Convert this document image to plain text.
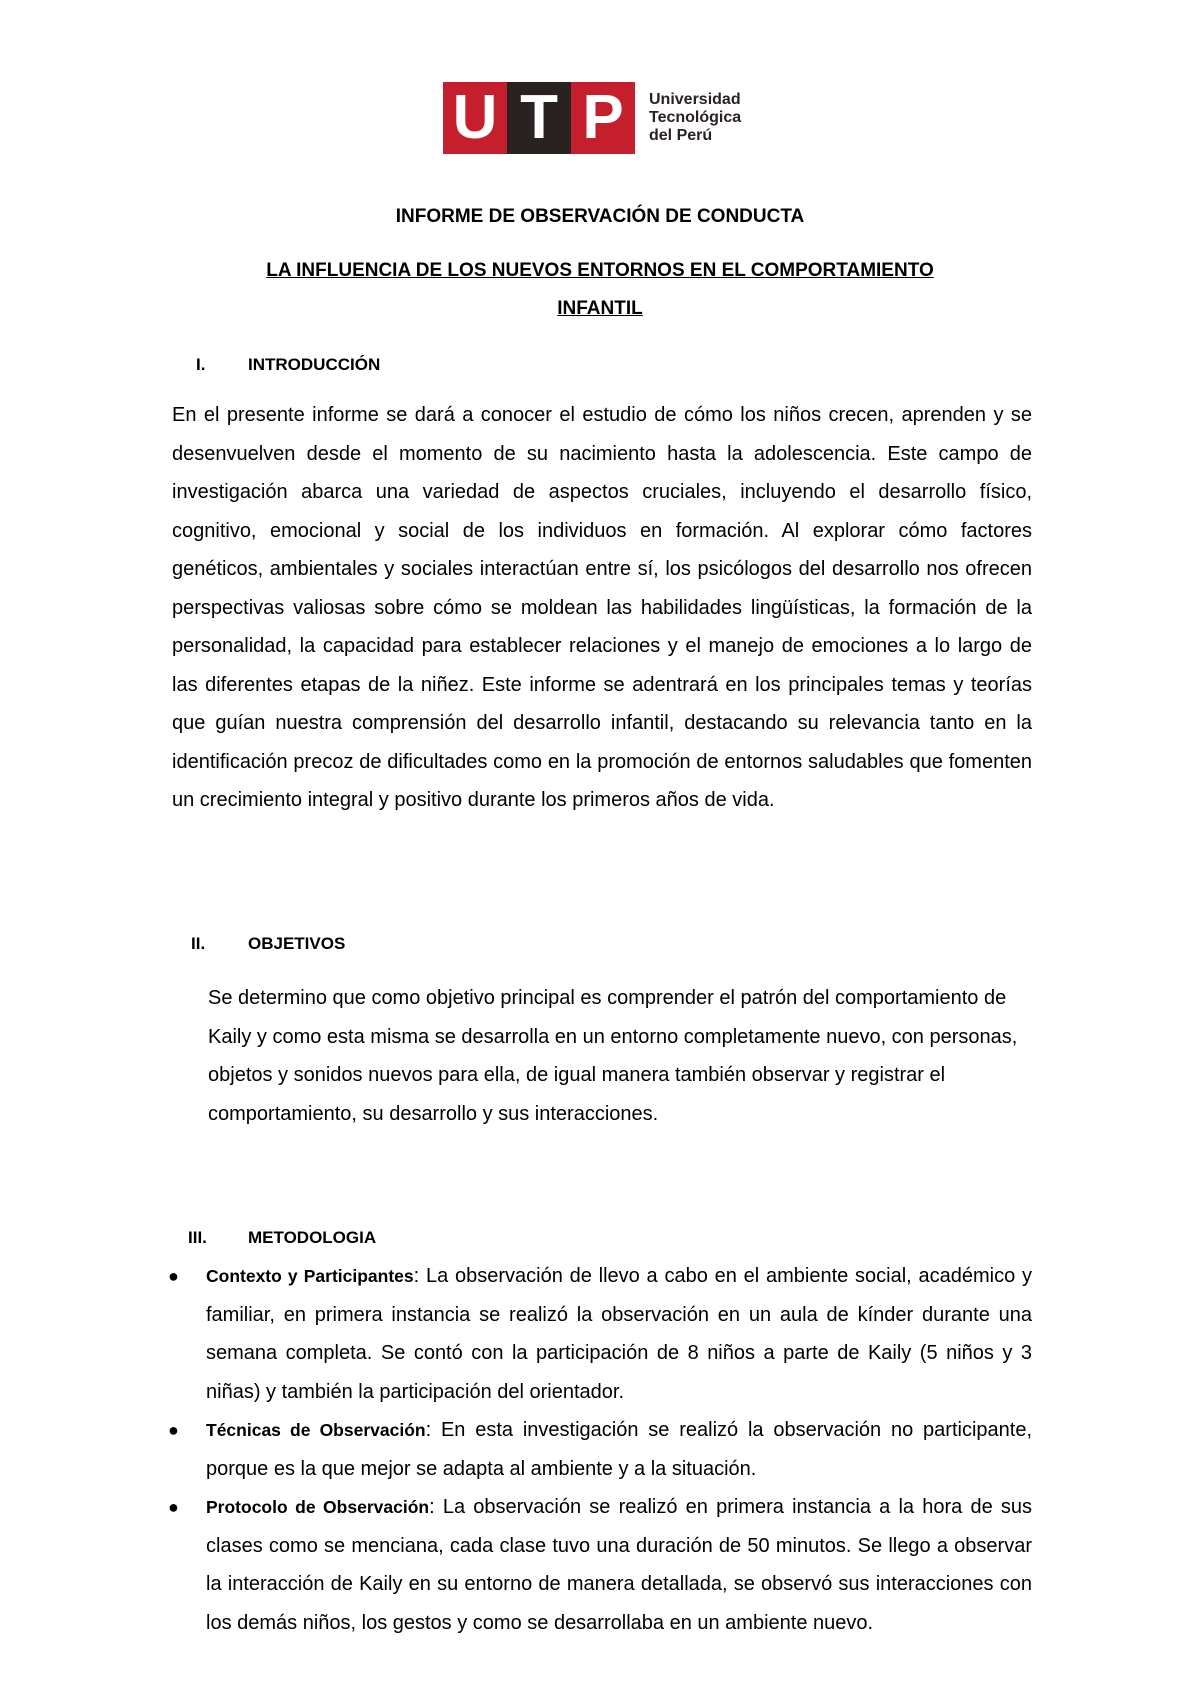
U T P	Universidad
Tecnológica
del Perú
INFORME DE OBSERVACIÓN DE CONDUCTA
LA INFLUENCIA DE LOS NUEVOS ENTORNOS EN EL COMPORTAMIENTO
INFANTIL
I.	INTRODUCCIÓN
En el presente informe se dará a conocer el estudio de cómo los niños crecen, aprenden y se desenvuelven desde el momento de su nacimiento hasta la adolescencia. Este campo de investigación abarca una variedad de aspectos cruciales, incluyendo el desarrollo físico, cognitivo, emocional y social de los individuos en formación. Al explorar cómo factores genéticos, ambientales y sociales interactúan entre sí, los psicólogos del desarrollo nos ofrecen perspectivas valiosas sobre cómo se moldean las habilidades lingüísticas, la formación de la personalidad, la capacidad para establecer relaciones y el manejo de emociones a lo largo de las diferentes etapas de la niñez. Este informe se adentrará en los principales temas y teorías que guían nuestra comprensión del desarrollo infantil, destacando su relevancia tanto en la identificación precoz de dificultades como en la promoción de entornos saludables que fomenten un crecimiento integral y positivo durante los primeros años de vida.
II.	OBJETIVOS
Se determino que como objetivo principal es comprender el patrón del comportamiento de Kaily y como esta misma se desarrolla en un entorno completamente nuevo, con personas, objetos y sonidos nuevos para ella, de igual manera también observar y registrar el comportamiento, su desarrollo y sus interacciones.
III.	METODOLOGIA
● Contexto y Participantes: La observación de llevo a cabo en el ambiente social, académico y familiar, en primera instancia se realizó la observación en un aula de kínder durante una semana completa. Se contó con la participación de 8 niños a parte de Kaily (5 niños y 3 niñas) y también la participación del orientador.
● Técnicas de Observación: En esta investigación se realizó la observación no participante, porque es la que mejor se adapta al ambiente y a la situación.
● Protocolo de Observación: La observación se realizó en primera instancia a la hora de sus clases como se menciana, cada clase tuvo una duración de 50 minutos. Se llego a observar la interacción de Kaily en su entorno de manera detallada, se observó sus interacciones con los demás niños, los gestos y como se desarrollaba en un ambiente nuevo.
